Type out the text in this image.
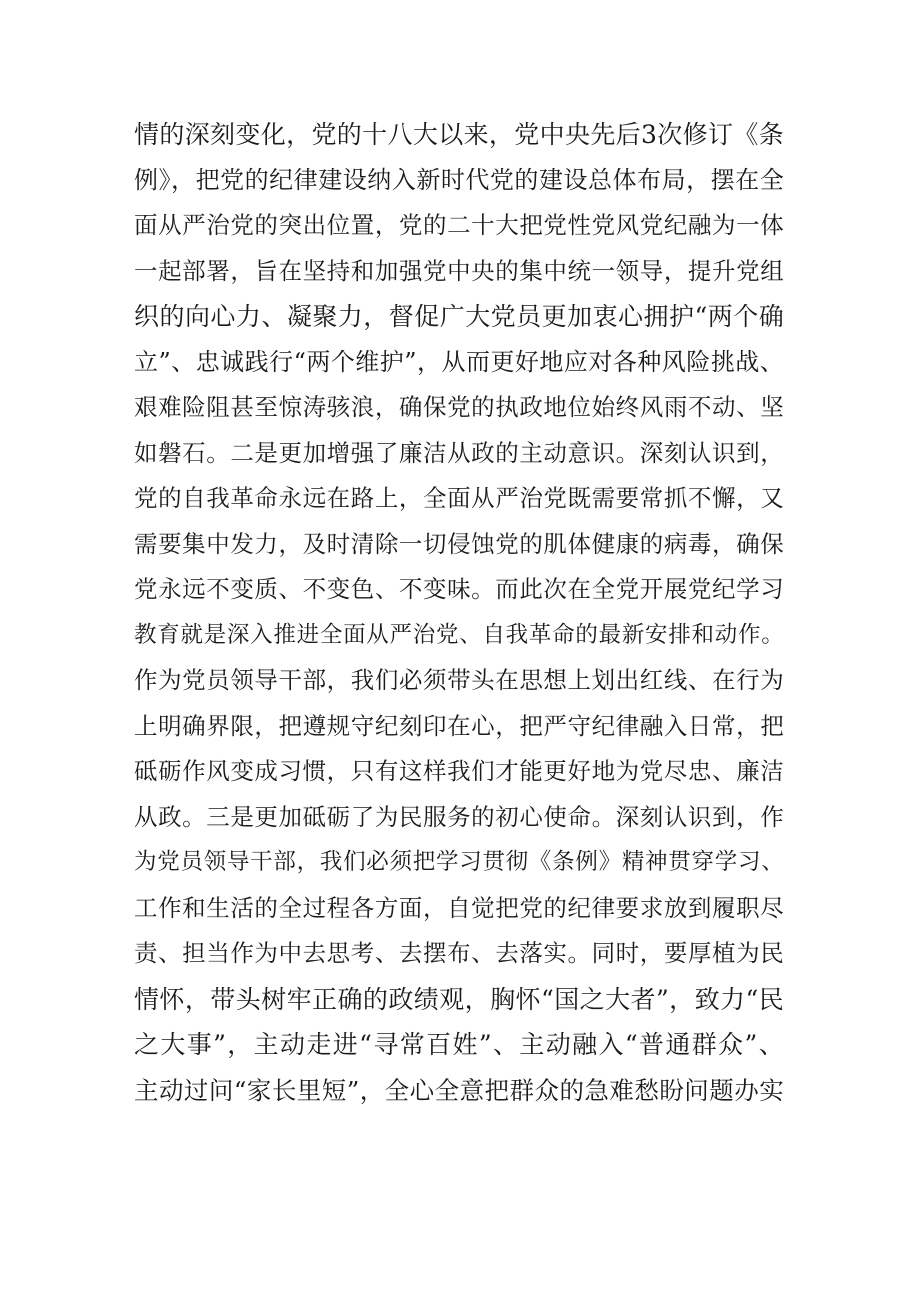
情的深刻变化，党的十八大以来，党中央先后3次修订《条
例》，把党的纪律建设纳入新时代党的建设总体布局，摆在全
面从严治党的突出位置，党的二十大把党性党风党纪融为一体
一起部署，旨在坚持和加强党中央的集中统一领导，提升党组
织的向心力、凝聚力，督促广大党员更加衷心拥护“两个确
立”、忠诚践行“两个维护”，从而更好地应对各种风险挑战、
艰难险阻甚至惊涛骇浪，确保党的执政地位始终风雨不动、坚
如磐石。二是更加增强了廉洁从政的主动意识。深刻认识到，
党的自我革命永远在路上，全面从严治党既需要常抓不懈，又
需要集中发力，及时清除一切侵蚀党的肌体健康的病毒，确保
党永远不变质、不变色、不变味。而此次在全党开展党纪学习
教育就是深入推进全面从严治党、自我革命的最新安排和动作。
作为党员领导干部，我们必须带头在思想上划出红线、在行为
上明确界限，把遵规守纪刻印在心，把严守纪律融入日常，把
砥砺作风变成习惯，只有这样我们才能更好地为党尽忠、廉洁
从政。三是更加砥砺了为民服务的初心使命。深刻认识到，作
为党员领导干部，我们必须把学习贯彻《条例》精神贯穿学习、
工作和生活的全过程各方面，自觉把党的纪律要求放到履职尽
责、担当作为中去思考、去摆布、去落实。同时，要厚植为民
情怀，带头树牢正确的政绩观，胸怀“国之大者”，致力“民
之大事”，主动走进“寻常百姓”、主动融入“普通群众”、
主动过问“家长里短”，全心全意把群众的急难愁盼问题办实
